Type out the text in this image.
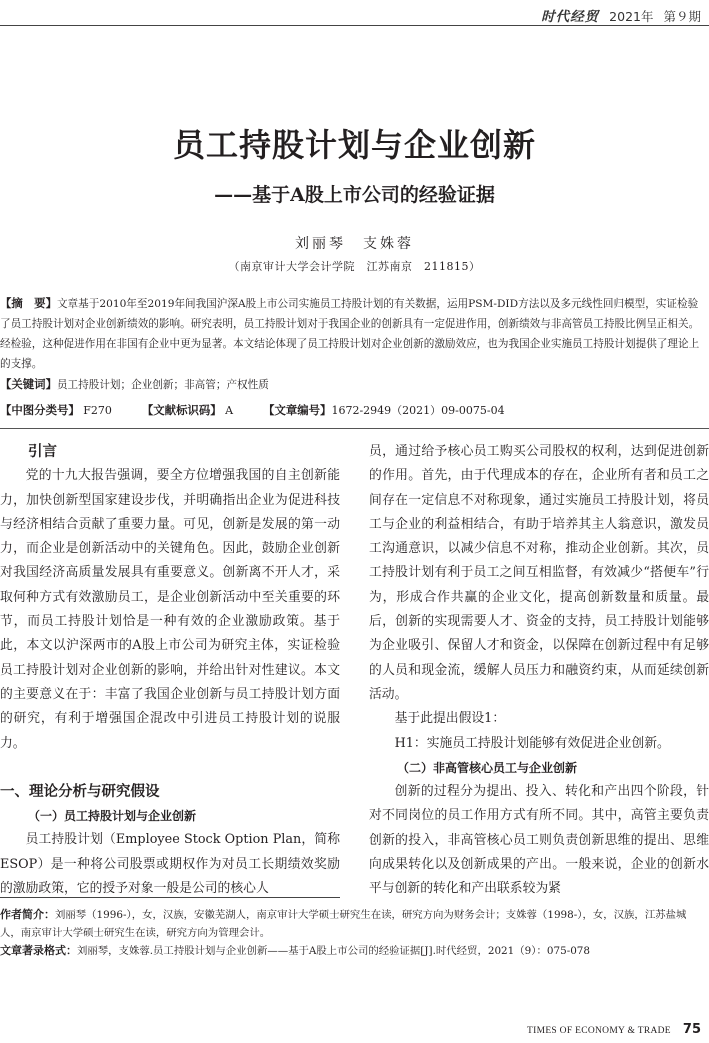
时代经贸 2021年 第９期
员工持股计划与企业创新
——基于A股上市公司的经验证据
刘丽琴　支姝蓉
（南京审计大学会计学院　江苏南京　211815）
【摘　要】文章基于2010年至2019年间我国沪深A股上市公司实施员工持股计划的有关数据，运用PSM-DID方法以及多元线性回归模型，实证检验了员工持股计划对企业创新绩效的影响。研究表明，员工持股计划对于我国企业的创新具有一定促进作用，创新绩效与非高管员工持股比例呈正相关。经检验，这种促进作用在非国有企业中更为显著。本文结论体现了员工持股计划对企业创新的激励效应，也为我国企业实施员工持股计划提供了理论上的支撑。
【关键词】员工持股计划；企业创新；非高管；产权性质
【中图分类号】 F270	【文献标识码】 A	【文章编号】1672-2949（2021）09-0075-04

引言

党的十九大报告强调，要全方位增强我国的自主创新能力，加快创新型国家建设步伐，并明确指出企业为促进科技与经济相结合贡献了重要力量。可见，创新是发展的第一动力，而企业是创新活动中的关键角色。因此，鼓励企业创新对我国经济高质量发展具有重要意义。创新离不开人才，采取何种方式有效激励员工，是企业创新活动中至关重要的环节，而员工持股计划恰是一种有效的企业激励政策。基于此，本文以沪深两市的A股上市公司为研究主体，实证检验员工持股计划对企业创新的影响，并给出针对性建议。本文的主要意义在于：丰富了我国企业创新与员工持股计划方面的研究，有利于增强国企混改中引进员工持股计划的说服力。

一、理论分析与研究假设

（一）员工持股计划与企业创新

员工持股计划（Employee Stock Option Plan，简称ESOP）是一种将公司股票或期权作为对员工长期绩效奖励的激励政策，它的授予对象一般是公司的核心人

员，通过给予核心员工购买公司股权的权利，达到促进创新的作用。首先，由于代理成本的存在，企业所有者和员工之间存在一定信息不对称现象，通过实施员工持股计划，将员工与企业的利益相结合，有助于培养其主人翁意识，激发员工沟通意识，以减少信息不对称，推动企业创新。其次，员工持股计划有利于员工之间互相监督，有效减少“搭便车”行为，形成合作共赢的企业文化，提高创新数量和质量。最后，创新的实现需要人才、资金的支持，员工持股计划能够为企业吸引、保留人才和资金，以保障在创新过程中有足够的人员和现金流，缓解人员压力和融资约束，从而延续创新活动。

基于此提出假设1：

H1：实施员工持股计划能够有效促进企业创新。

（二）非高管核心员工与企业创新

创新的过程分为提出、投入、转化和产出四个阶段，针对不同岗位的员工作用方式有所不同。其中，高管主要负责创新的投入，非高管核心员工则负责创新思维的提出、思维向成果转化以及创新成果的产出。一般来说，企业的创新水平与创新的转化和产出联系较为紧

作者简介：刘丽琴（1996-），女，汉族，安徽芜湖人，南京审计大学硕士研究生在读，研究方向为财务会计；支姝蓉（1998-），女，汉族，江苏盐城人，南京审计大学硕士研究生在读，研究方向为管理会计。
文章著录格式：刘丽琴，支姝蓉.员工持股计划与企业创新——基于A股上市公司的经验证据[J].时代经贸，2021（9）：075-078
TIMES OF ECONOMY & TRADE 75
